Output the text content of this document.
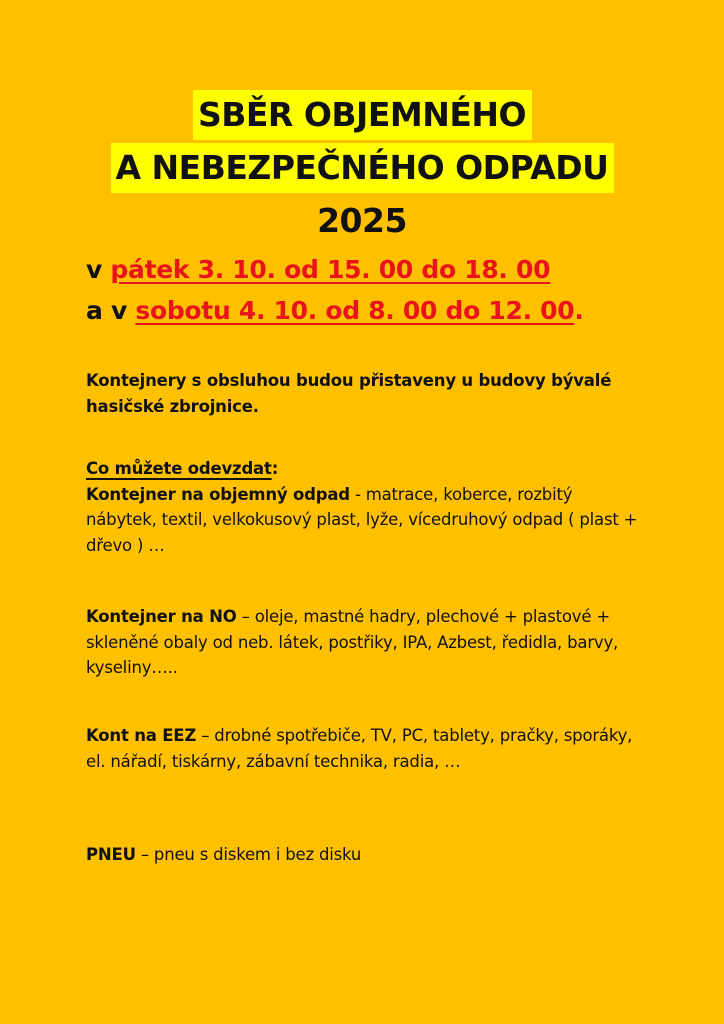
SBĚR OBJEMNÉHO
A NEBEZPEČNÉHO ODPADU
2025
v pátek 3. 10. od 15. 00 do 18. 00
a v sobotu 4. 10. od 8. 00 do 12. 00.
Kontejnery s obsluhou budou přistaveny u budovy bývalé hasičské zbrojnice.
Co můžete odevzdat:
Kontejner na objemný odpad - matrace, koberce, rozbitý nábytek, textil, velkokusový plast, lyže, vícedruhový odpad ( plast + dřevo ) …
Kontejner na NO – oleje, mastné hadry, plechové + plastové + skleněné obaly od neb. látek, postřiky, IPA, Azbest, ředidla, barvy, kyseliny…..
Kont na EEZ – drobné spotřebiče, TV, PC, tablety, pračky, sporáky, el. nářadí, tiskárny, zábavní technika, radia, …
PNEU – pneu s diskem i bez disku
